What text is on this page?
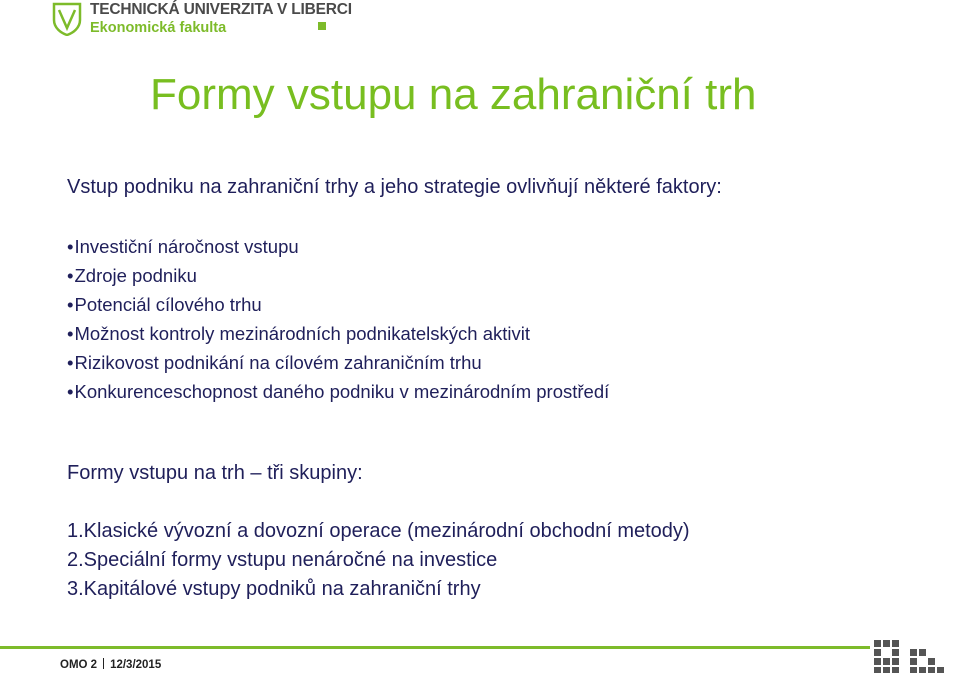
TECHNICKÁ UNIVERZITA V LIBERCI
Ekonomická fakulta
Formy vstupu na zahraniční trh
Vstup podniku na zahraniční trhy a jeho strategie ovlivňují některé faktory:
• Investiční náročnost vstupu
• Zdroje podniku
• Potenciál cílového trhu
• Možnost kontroly mezinárodních podnikatelských aktivit
• Rizikovost podnikání na cílovém zahraničním trhu
• Konkurenceschopnost daného podniku v mezinárodním prostředí
Formy vstupu na trh – tři skupiny:
1.Klasické vývozní a dovozní operace (mezinárodní obchodní metody)
2.Speciální formy vstupu nenáročné na investice
3.Kapitálové vstupy podniků na zahraniční trhy
OMO 2 12/3/2015
